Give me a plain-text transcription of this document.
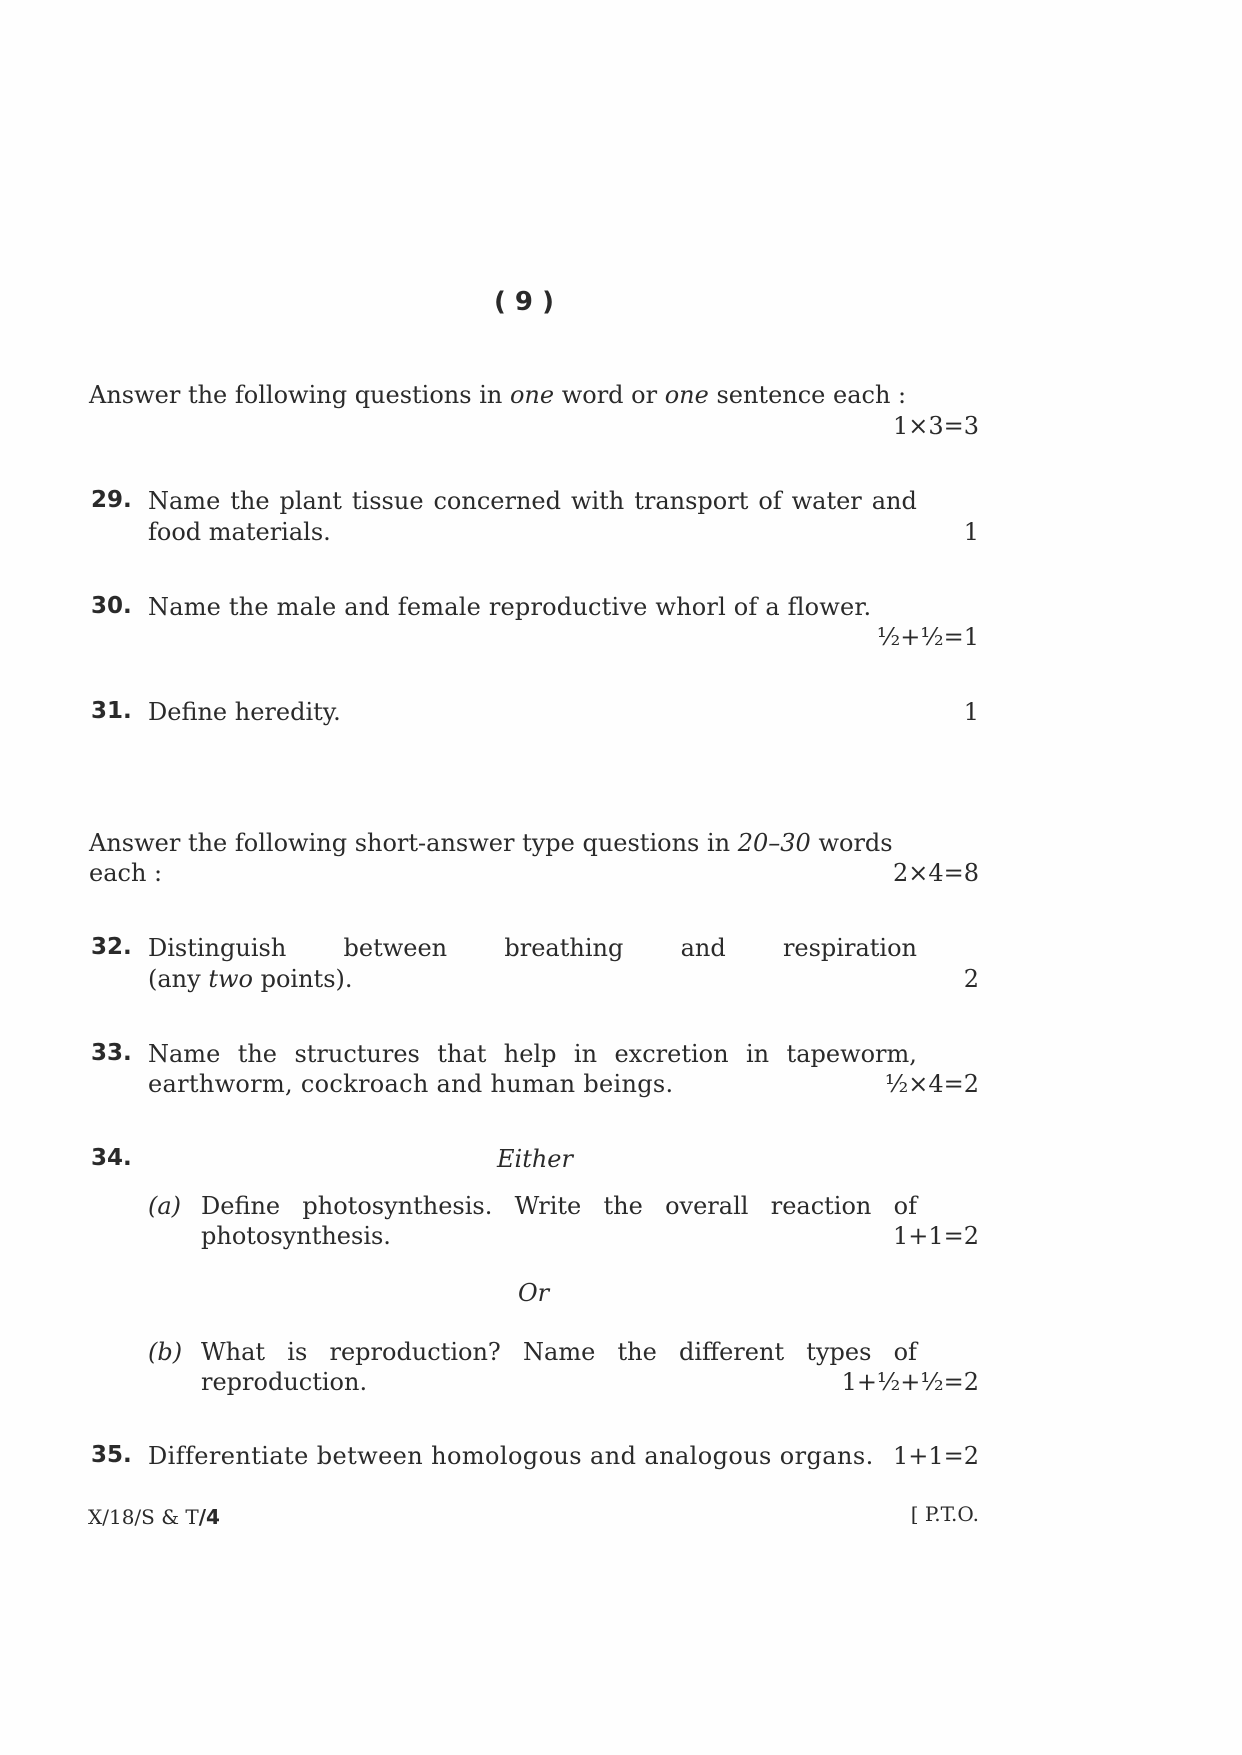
( 9 )
Answer the following questions in one word or one sentence each :
1×3=3
29. Name the plant tissue concerned with transport of water and
food materials.	1
30. Name the male and female reproductive whorl of a flower.
½+½=1
31. Define heredity.	1
Answer the following short-answer type questions in 20–30 words
each :	2×4=8
32. Distinguish between breathing and respiration
(any two points).	2
33. Name the structures that help in excretion in tapeworm,
earthworm, cockroach and human beings.	½×4=2
34.	Either
(a) Define photosynthesis. Write the overall reaction of
photosynthesis.	1+1=2
Or
(b) What is reproduction? Name the different types of
reproduction.	1+½+½=2
35. Differentiate between homologous and analogous organs. 1+1=2
X/18/S & T/4	[ P.T.O.
